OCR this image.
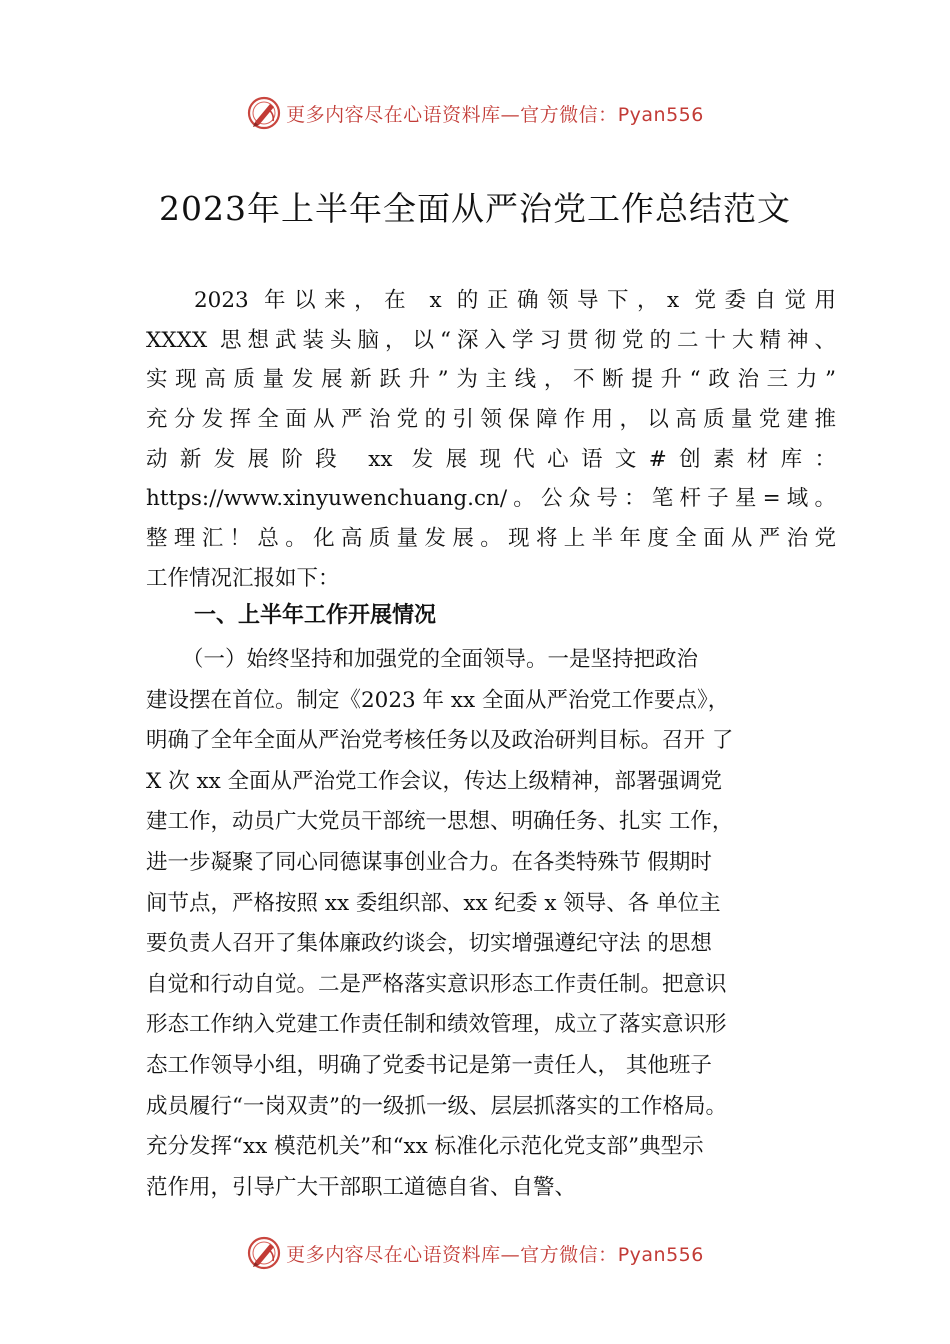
更多内容尽在心语资料库—官方微信：Pyan556
2023年上半年全面从严治党工作总结范文
2023 年以来，在 x 的正确领导下，x 党委自觉用
XXXX 思想武装头脑，以“深入学习贯彻党的二十大精神、
实现高质量发展新跃升”为主线，不断提升“政治三力”
充分发挥全面从严治党的引领保障作用，以高质量党建推
动新发展阶段 xx 发展现代心语文#创素材库：
https://www.xinyuwenchuang.cn/。公众号：笔杆子星=域。
整理汇！总。化高质量发展。现将上半年度全面从严治党
工作情况汇报如下：
一、上半年工作开展情况
（一）始终坚持和加强党的全面领导。一是坚持把政治
建设摆在首位。制定《2023 年 xx 全面从严治党工作要点》，
明确了全年全面从严治党考核任务以及政治研判目标。召开 了
X 次 xx 全面从严治党工作会议，传达上级精神，部署强调党
建工作，动员广大党员干部统一思想、明确任务、扎实 工作，
进一步凝聚了同心同德谋事创业合力。在各类特殊节 假期时
间节点，严格按照 xx 委组织部、xx 纪委 x 领导、各 单位主
要负责人召开了集体廉政约谈会，切实增强遵纪守法 的思想
自觉和行动自觉。二是严格落实意识形态工作责任制。把意识
形态工作纳入党建工作责任制和绩效管理，成立了落实意识形
态工作领导小组，明确了党委书记是第一责任人， 其他班子
成员履行“一岗双责”的一级抓一级、层层抓落实的工作格局。
充分发挥“xx 模范机关”和“xx 标准化示范化党支部”典型示
范作用，引导广大干部职工道德自省、自警、
更多内容尽在心语资料库—官方微信：Pyan556
